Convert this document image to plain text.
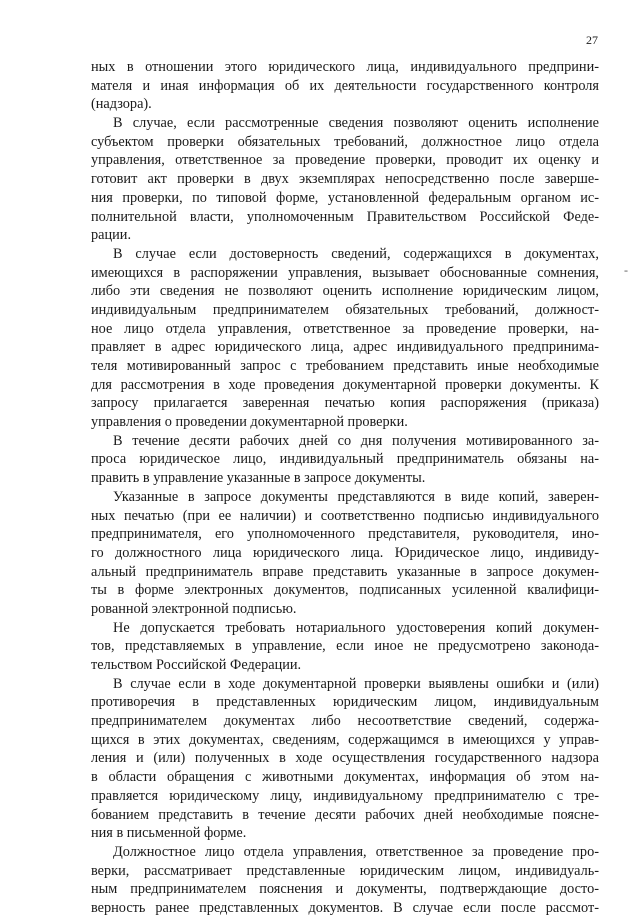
27
-
ных в отношении этого юридического лица, индивидуального предприни-
мателя и иная информация об их деятельности государственного контроля
(надзора).
В случае, если рассмотренные сведения позволяют оценить исполнение
субъектом проверки обязательных требований, должностное лицо отдела
управления, ответственное за проведение проверки, проводит их оценку и
готовит акт проверки в двух экземплярах непосредственно после заверше-
ния проверки, по типовой форме, установленной федеральным органом ис-
полнительной власти, уполномоченным Правительством Российской Феде-
рации.
В случае если достоверность сведений, содержащихся в документах,
имеющихся в распоряжении управления, вызывает обоснованные сомнения,
либо эти сведения не позволяют оценить исполнение юридическим лицом,
индивидуальным предпринимателем обязательных требований, должност-
ное лицо отдела управления, ответственное за проведение проверки, на-
правляет в адрес юридического лица, адрес индивидуального предпринима-
теля мотивированный запрос с требованием представить иные необходимые
для рассмотрения в ходе проведения документарной проверки документы. К
запросу прилагается заверенная печатью копия распоряжения (приказа)
управления о проведении документарной проверки.
В течение десяти рабочих дней со дня получения мотивированного за-
проса юридическое лицо, индивидуальный предприниматель обязаны на-
править в управление указанные в запросе документы.
Указанные в запросе документы представляются в виде копий, заверен-
ных печатью (при ее наличии) и соответственно подписью индивидуального
предпринимателя, его уполномоченного представителя, руководителя, ино-
го должностного лица юридического лица. Юридическое лицо, индивиду-
альный предприниматель вправе представить указанные в запросе докумен-
ты в форме электронных документов, подписанных усиленной квалифици-
рованной электронной подписью.
Не допускается требовать нотариального удостоверения копий докумен-
тов, представляемых в управление, если иное не предусмотрено законода-
тельством Российской Федерации.
В случае если в ходе документарной проверки выявлены ошибки и (или)
противоречия в представленных юридическим лицом, индивидуальным
предпринимателем документах либо несоответствие сведений, содержа-
щихся в этих документах, сведениям, содержащимся в имеющихся у управ-
ления и (или) полученных в ходе осуществления государственного надзора
в области обращения с животными документах, информация об этом на-
правляется юридическому лицу, индивидуальному предпринимателю с тре-
бованием представить в течение десяти рабочих дней необходимые поясне-
ния в письменной форме.
Должностное лицо отдела управления, ответственное за проведение про-
верки, рассматривает представленные юридическим лицом, индивидуаль-
ным предпринимателем пояснения и документы, подтверждающие досто-
верность ранее представленных документов. В случае если после рассмот-
